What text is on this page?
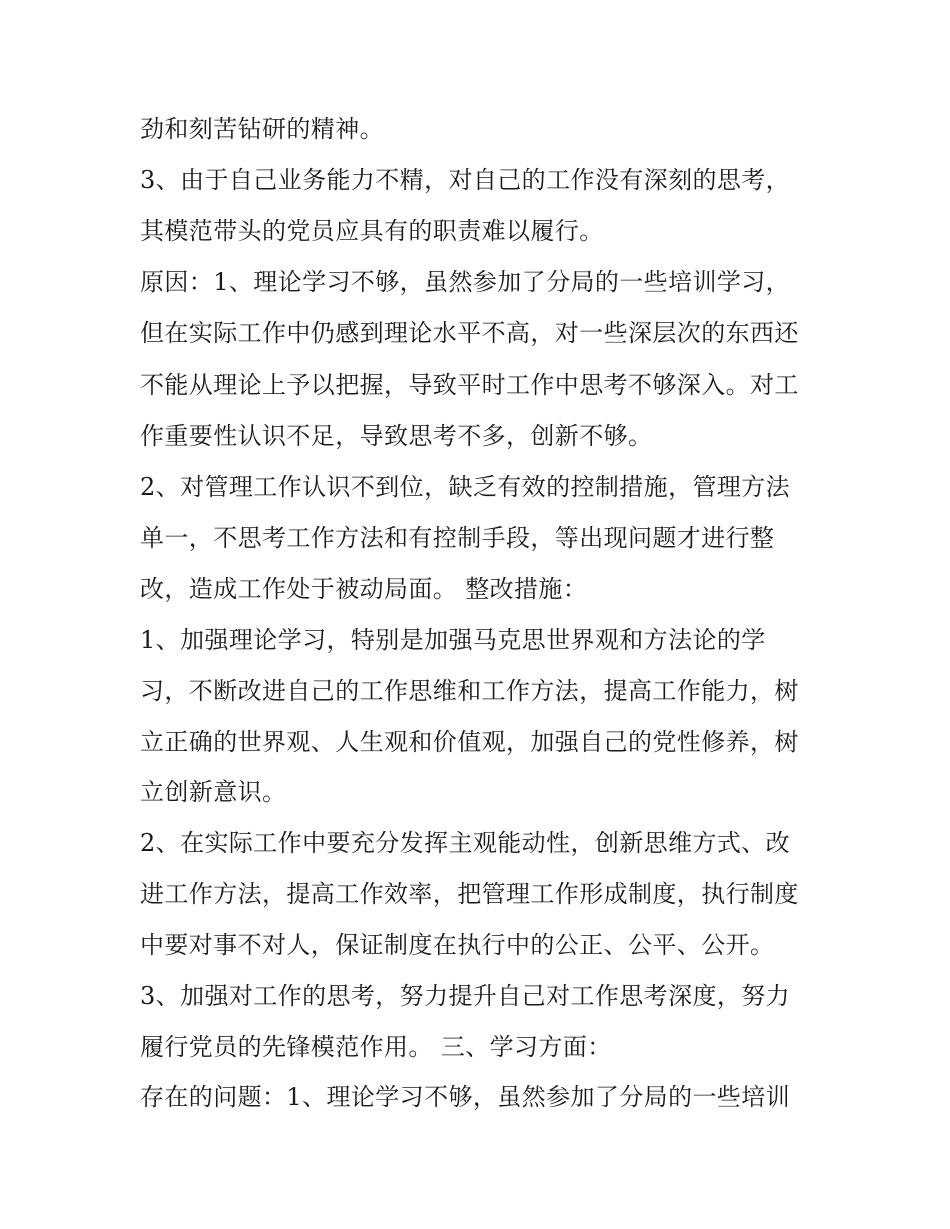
劲和刻苦钻研的精神。
3、由于自己业务能力不精，对自己的工作没有深刻的思考，
其模范带头的党员应具有的职责难以履行。
原因：1、理论学习不够，虽然参加了分局的一些培训学习，
但在实际工作中仍感到理论水平不高，对一些深层次的东西还
不能从理论上予以把握，导致平时工作中思考不够深入。对工
作重要性认识不足，导致思考不多，创新不够。
2、对管理工作认识不到位，缺乏有效的控制措施，管理方法
单一，不思考工作方法和有控制手段，等出现问题才进行整
改，造成工作处于被动局面。 整改措施：
1、加强理论学习，特别是加强马克思世界观和方法论的学
习，不断改进自己的工作思维和工作方法，提高工作能力，树
立正确的世界观、人生观和价值观，加强自己的党性修养，树
立创新意识。
2、在实际工作中要充分发挥主观能动性，创新思维方式、改
进工作方法，提高工作效率，把管理工作形成制度，执行制度
中要对事不对人，保证制度在执行中的公正、公平、公开。
3、加强对工作的思考，努力提升自己对工作思考深度，努力
履行党员的先锋模范作用。 三、学习方面：
存在的问题：1、理论学习不够，虽然参加了分局的一些培训
